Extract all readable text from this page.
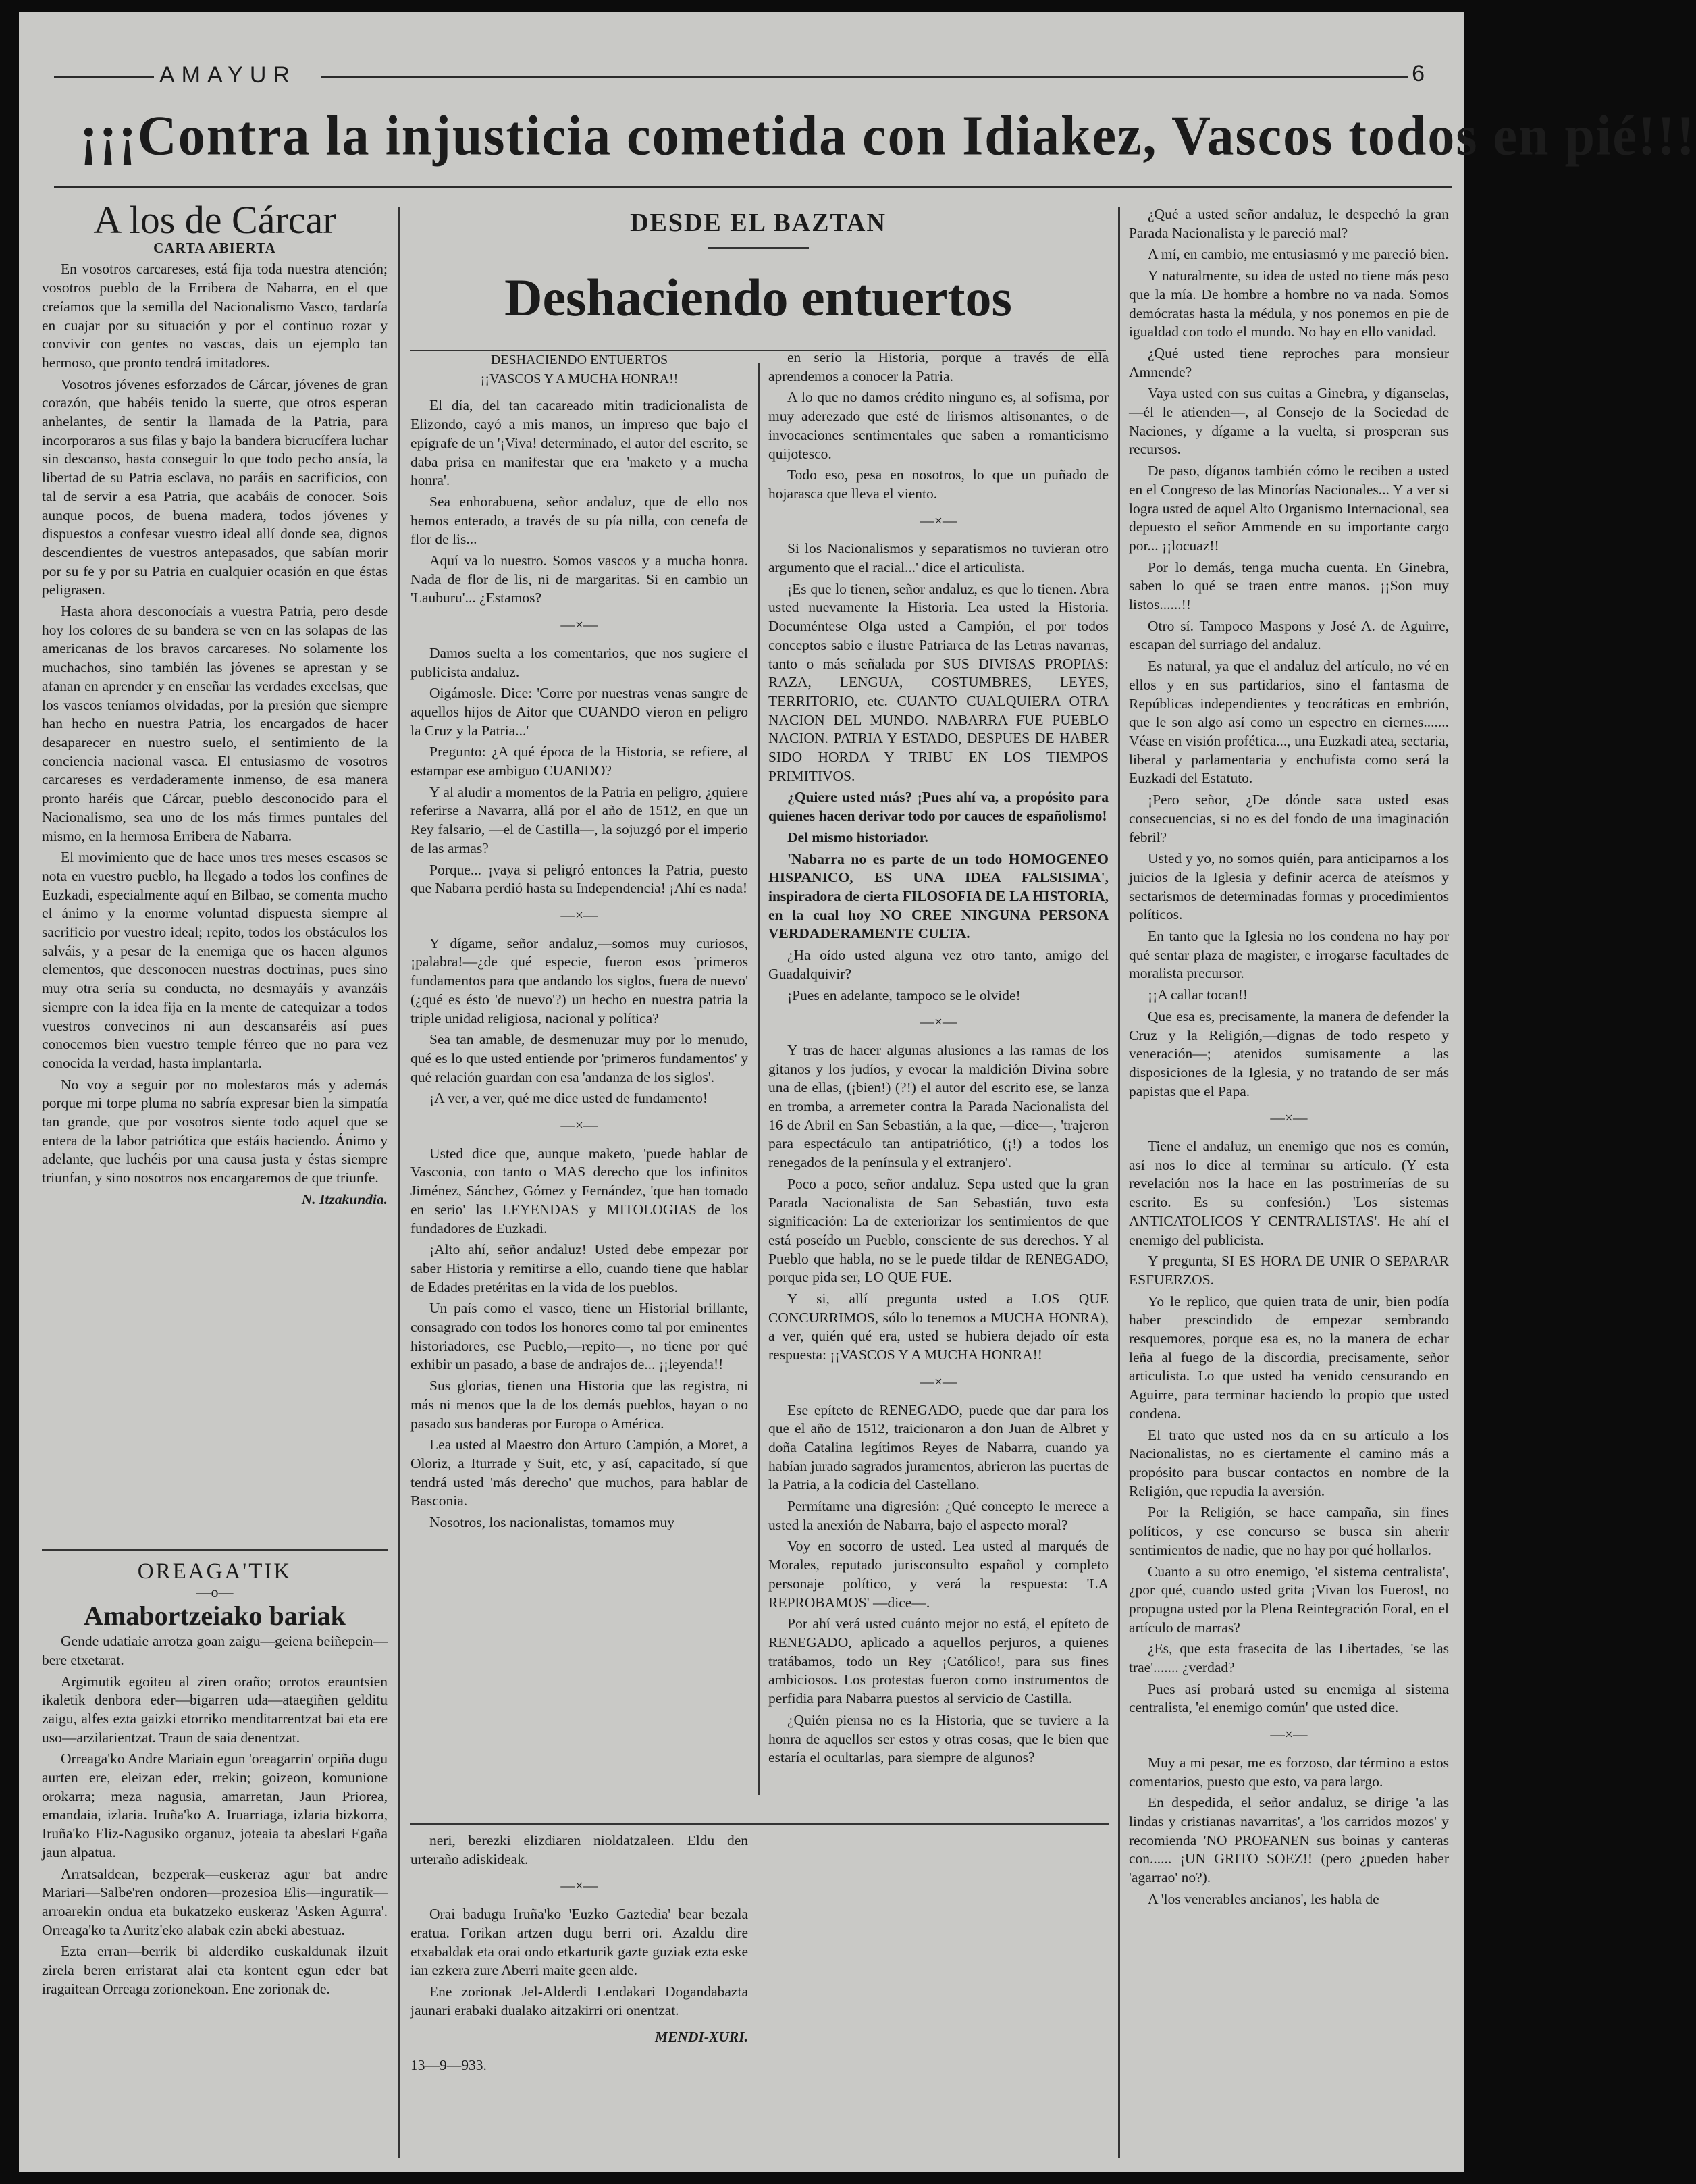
AMAYUR	6
¡¡¡Contra la injusticia cometida con Idiakez, Vascos todos en pié!!!
A los de Cárcar
CARTA ABIERTA

En vosotros carcareses, está fija toda nuestra atención; vosotros pueblo de la Erribera de Nabarra, en el que creíamos que la semilla del Nacionalismo Vasco, tardaría en cuajar por su situación y por el continuo rozar y convivir con gentes no vascas, dais un ejemplo tan hermoso, que pronto tendrá imitadores.

Vosotros jóvenes esforzados de Cárcar, jóvenes de gran corazón, que habéis tenido la suerte, que otros esperan anhelantes, de sentir la llamada de la Patria, para incorporaros a sus filas y bajo la bandera bicrucífera luchar sin descanso, hasta conseguir lo que todo pecho ansía, la libertad de su Patria esclava, no paráis en sacrificios, con tal de servir a esa Patria, que acabáis de conocer. Sois aunque pocos, de buena madera, todos jóvenes y dispuestos a confesar vuestro ideal allí donde sea, dignos descendientes de vuestros antepasados, que sabían morir por su fe y por su Patria en cualquier ocasión en que éstas peligrasen.

Hasta ahora desconocíais a vuestra Patria, pero desde hoy los colores de su bandera se ven en las solapas de las americanas de los bravos carcareses. No solamente los muchachos, sino también las jóvenes se aprestan y se afanan en aprender y en enseñar las verdades excelsas, que los vascos teníamos olvidadas, por la presión que siempre han hecho en nuestra Patria, los encargados de hacer desaparecer en nuestro suelo, el sentimiento de la conciencia nacional vasca. El entusiasmo de vosotros carcareses es verdaderamente inmenso, de esa manera pronto haréis que Cárcar, pueblo desconocido para el Nacionalismo, sea uno de los más firmes puntales del mismo, en la hermosa Erribera de Nabarra.

El movimiento que de hace unos tres meses escasos se nota en vuestro pueblo, ha llegado a todos los confines de Euzkadi, especialmente aquí en Bilbao, se comenta mucho el ánimo y la enorme voluntad dispuesta siempre al sacrificio por vuestro ideal; repito, todos los obstáculos los salváis, y a pesar de la enemiga que os hacen algunos elementos, que desconocen nuestras doctrinas, pues sino muy otra sería su conducta, no desmayáis y avanzáis siempre con la idea fija en la mente de catequizar a todos vuestros convecinos ni aun descansaréis así pues conocemos bien vuestro temple férreo que no para vez conocida la verdad, hasta implantarla.

No voy a seguir por no molestaros más y además porque mi torpe pluma no sabría expresar bien la simpatía tan grande, que por vosotros siente todo aquel que se entera de la labor patriótica que estáis haciendo. Ánimo y adelante, que luchéis por una causa justa y éstas siempre triunfan, y sino nosotros nos encargaremos de que triunfe.

N. Itzakundia.
OREAGA'TIK
—o—
Amabortzeiako bariak

Gende udatiaie arrotza goan zaigu—geiena beiñepein—bere etxetarat.

Argimutik egoiteu al ziren oraño; orrotos erauntsien ikaletik denbora eder—bigarren uda—ataegiñen gelditu zaigu, alfes ezta gaizki etorriko menditarrentzat bai eta ere uso—arzilarientzat. Traun de saia denentzat.

Orreaga'ko Andre Mariain egun 'oreagarrin' orpiña dugu aurten ere, eleizan eder, rrekin; goizeon, komunione orokarra; meza nagusia, amarretan, Jaun Priorea, emandaia, izlaria. Iruña'ko A. Iruarriaga, izlaria bizkorra, Iruña'ko Eliz-Nagusiko organuz, joteaia ta abeslari Egaña jaun alpatua.

Arratsaldean, bezperak—euskeraz agur bat andre Mariari—Salbe'ren ondoren—prozesioa Elis—inguratik—arroarekin ondua eta bukatzeko euskeraz 'Asken Agurra'. Orreaga'ko ta Auritz'eko alabak ezin abeki abestuaz.

Ezta erran—berrik bi alderdiko euskaldunak ilzuit zirela beren erristarat alai eta kontent egun eder bat iragaitean Orreaga zorionekoan. Ene zorionak de.

DESDE EL BAZTAN
Deshaciendo entuertos
DESHACIENDO ENTUERTOS
¡¡VASCOS Y A MUCHA HONRA!!

El día, del tan cacareado mitin tradicionalista de Elizondo, cayó a mis manos, un impreso que bajo el epígrafe de un '¡Viva! determinado, el autor del escrito, se daba prisa en manifestar que era 'maketo y a mucha honra'.

Sea enhorabuena, señor andaluz, que de ello nos hemos enterado, a través de su pía nilla, con cenefa de flor de lis...

Aquí va lo nuestro. Somos vascos y a mucha honra. Nada de flor de lis, ni de margaritas. Si en cambio un 'Lauburu'... ¿Estamos?

—×—

Damos suelta a los comentarios, que nos sugiere el publicista andaluz.

Oigámosle. Dice: 'Corre por nuestras venas sangre de aquellos hijos de Aitor que CUANDO vieron en peligro la Cruz y la Patria...'

Pregunto: ¿A qué época de la Historia, se refiere, al estampar ese ambiguo CUANDO?

Y al aludir a momentos de la Patria en peligro, ¿quiere referirse a Navarra, allá por el año de 1512, en que un Rey falsario, —el de Castilla—, la sojuzgó por el imperio de las armas?

Porque... ¡vaya si peligró entonces la Patria, puesto que Nabarra perdió hasta su Independencia! ¡Ahí es nada!

—×—

Y dígame, señor andaluz,—somos muy curiosos, ¡palabra!—¿de qué especie, fueron esos 'primeros fundamentos para que andando los siglos, fuera de nuevo' (¿qué es ésto 'de nuevo'?) un hecho en nuestra patria la triple unidad religiosa, nacional y política?

Sea tan amable, de desmenuzar muy por lo menudo, qué es lo que usted entiende por 'primeros fundamentos' y qué relación guardan con esa 'andanza de los siglos'.

¡A ver, a ver, qué me dice usted de fundamento!

—×—

Usted dice que, aunque maketo, 'puede hablar de Vasconia, con tanto o MAS derecho que los infinitos Jiménez, Sánchez, Gómez y Fernández, 'que han tomado en serio' las LEYENDAS y MITOLOGIAS de los fundadores de Euzkadi.

¡Alto ahí, señor andaluz! Usted debe empezar por saber Historia y remitirse a ello, cuando tiene que hablar de Edades pretéritas en la vida de los pueblos.

Un país como el vasco, tiene un Historial brillante, consagrado con todos los honores como tal por eminentes historiadores, ese Pueblo,—repito—, no tiene por qué exhibir un pasado, a base de andrajos de... ¡¡leyenda!!

Sus glorias, tienen una Historia que las registra, ni más ni menos que la de los demás pueblos, hayan o no pasado sus banderas por Europa o América.

Lea usted al Maestro don Arturo Campión, a Moret, a Oloriz, a Iturrade y Suit, etc, y así, capacitado, sí que tendrá usted 'más derecho' que muchos, para hablar de Basconia.

Nosotros, los nacionalistas, tomamos muy

en serio la Historia, porque a través de ella aprendemos a conocer la Patria.

A lo que no damos crédito ninguno es, al sofisma, por muy aderezado que esté de lirismos altisonantes, o de invocaciones sentimentales que saben a romanticismo quijotesco.

Todo eso, pesa en nosotros, lo que un puñado de hojarasca que lleva el viento.

—×—

Si los Nacionalismos y separatismos no tuvieran otro argumento que el racial...' dice el articulista.

¡Es que lo tienen, señor andaluz, es que lo tienen. Abra usted nuevamente la Historia. Lea usted la Historia. Documéntese Olga usted a Campión, el por todos conceptos sabio e ilustre Patriarca de las Letras navarras, tanto o más señalada por SUS DIVISAS PROPIAS: RAZA, LENGUA, COSTUMBRES, LEYES, TERRITORIO, etc. CUANTO CUALQUIERA OTRA NACION DEL MUNDO. NABARRA FUE PUEBLO NACION. PATRIA Y ESTADO, DESPUES DE HABER SIDO HORDA Y TRIBU EN LOS TIEMPOS PRIMITIVOS.

¿Quiere usted más? ¡Pues ahí va, a propósito para quienes hacen derivar todo por cauces de españolismo!

Del mismo historiador.

'Nabarra no es parte de un todo HOMOGENEO HISPANICO, ES UNA IDEA FALSISIMA', inspiradora de cierta FILOSOFIA DE LA HISTORIA, en la cual hoy NO CREE NINGUNA PERSONA VERDADERAMENTE CULTA.

¿Ha oído usted alguna vez otro tanto, amigo del Guadalquivir?

¡Pues en adelante, tampoco se le olvide!

—×—

Y tras de hacer algunas alusiones a las ramas de los gitanos y los judíos, y evocar la maldición Divina sobre una de ellas, (¡bien!) (?!) el autor del escrito ese, se lanza en tromba, a arremeter contra la Parada Nacionalista del 16 de Abril en San Sebastián, a la que, —dice—, 'trajeron para espectáculo tan antipatriótico, (¡!) a todos los renegados de la península y el extranjero'.

Poco a poco, señor andaluz. Sepa usted que la gran Parada Nacionalista de San Sebastián, tuvo esta significación: La de exteriorizar los sentimientos de que está poseído un Pueblo, consciente de sus derechos. Y al Pueblo que habla, no se le puede tildar de RENEGADO, porque pida ser, LO QUE FUE.

Y si, allí pregunta usted a LOS QUE CONCURRIMOS, sólo lo tenemos a MUCHA HONRA), a ver, quién qué era, usted se hubiera dejado oír esta respuesta: ¡¡VASCOS Y A MUCHA HONRA!!

—×—

Ese epíteto de RENEGADO, puede que dar para los que el año de 1512, traicionaron a don Juan de Albret y doña Catalina legítimos Reyes de Nabarra, cuando ya habían jurado sagrados juramentos, abrieron las puertas de la Patria, a la codicia del Castellano.

Permítame una digresión: ¿Qué concepto le merece a usted la anexión de Nabarra, bajo el aspecto moral?

Voy en socorro de usted. Lea usted al marqués de Morales, reputado jurisconsulto español y completo personaje político, y verá la respuesta: 'LA REPROBAMOS' —dice—.

Por ahí verá usted cuánto mejor no está, el epíteto de RENEGADO, aplicado a aquellos perjuros, a quienes tratábamos, todo un Rey ¡Católico!, para sus fines ambiciosos. Los protestas fueron como instrumentos de perfidia para Nabarra puestos al servicio de Castilla.

¿Quién piensa no es la Historia, que se tuviere a la honra de aquellos ser estos y otras cosas, que le bien que estaría el ocultarlas, para siempre de algunos?

neri, berezki elizdiaren nioldatzaleen. Eldu den urteraño adiskideak.

—×—

Orai badugu Iruña'ko 'Euzko Gaztedia' bear bezala eratua. Forikan artzen dugu berri ori. Azaldu dire etxabaldak eta orai ondo etkarturik gazte guziak ezta eske ian ezkera zure Aberri maite geen alde.

Ene zorionak Jel-Alderdi Lendakari Dogandabazta jaunari erabaki dualako aitzakirri ori onentzat.

MENDI-XURI.
13—9—933.

¿Qué a usted señor andaluz, le despechó la gran Parada Nacionalista y le pareció mal?

A mí, en cambio, me entusiasmó y me pareció bien.

Y naturalmente, su idea de usted no tiene más peso que la mía. De hombre a hombre no va nada. Somos demócratas hasta la médula, y nos ponemos en pie de igualdad con todo el mundo. No hay en ello vanidad.

¿Qué usted tiene reproches para monsieur Amnende?

Vaya usted con sus cuitas a Ginebra, y díganselas,—él le atienden—, al Consejo de la Sociedad de Naciones, y dígame a la vuelta, si prosperan sus recursos.

De paso, díganos también cómo le reciben a usted en el Congreso de las Minorías Nacionales... Y a ver si logra usted de aquel Alto Organismo Internacional, sea depuesto el señor Ammende en su importante cargo por... ¡¡locuaz!!

Por lo demás, tenga mucha cuenta. En Ginebra, saben lo qué se traen entre manos. ¡¡Son muy listos......!!

Otro sí. Tampoco Maspons y José A. de Aguirre, escapan del surriago del andaluz.

Es natural, ya que el andaluz del artículo, no vé en ellos y en sus partidarios, sino el fantasma de Repúblicas independientes y teocráticas en embrión, que le son algo así como un espectro en ciernes....... Véase en visión profética..., una Euzkadi atea, sectaria, liberal y parlamentaria y enchufista como será la Euzkadi del Estatuto.

¡Pero señor, ¿De dónde saca usted esas consecuencias, si no es del fondo de una imaginación febril?

Usted y yo, no somos quién, para anticiparnos a los juicios de la Iglesia y definir acerca de ateísmos y sectarismos de determinadas formas y procedimientos políticos.

En tanto que la Iglesia no los condena no hay por qué sentar plaza de magister, e irrogarse facultades de moralista precursor.

¡¡A callar tocan!!

Que esa es, precisamente, la manera de defender la Cruz y la Religión,—dignas de todo respeto y veneración—; atenidos sumisamente a las disposiciones de la Iglesia, y no tratando de ser más papistas que el Papa.

—×—

Tiene el andaluz, un enemigo que nos es común, así nos lo dice al terminar su artículo. (Y esta revelación nos la hace en las postrimerías de su escrito. Es su confesión.) 'Los sistemas ANTICATOLICOS Y CENTRALISTAS'. He ahí el enemigo del publicista.

Y pregunta, SI ES HORA DE UNIR O SEPARAR ESFUERZOS.

Yo le replico, que quien trata de unir, bien podía haber prescindido de empezar sembrando resquemores, porque esa es, no la manera de echar leña al fuego de la discordia, precisamente, señor articulista. Lo que usted ha venido censurando en Aguirre, para terminar haciendo lo propio que usted condena.

El trato que usted nos da en su artículo a los Nacionalistas, no es ciertamente el camino más a propósito para buscar contactos en nombre de la Religión, que repudia la aversión.

Por la Religión, se hace campaña, sin fines políticos, y ese concurso se busca sin aherir sentimientos de nadie, que no hay por qué hollarlos.

Cuanto a su otro enemigo, 'el sistema centralista', ¿por qué, cuando usted grita ¡Vivan los Fueros!, no propugna usted por la Plena Reintegración Foral, en el artículo de marras?

¿Es, que esta frasecita de las Libertades, 'se las trae'....... ¿verdad?

Pues así probará usted su enemiga al sistema centralista, 'el enemigo común' que usted dice.

—×—

Muy a mi pesar, me es forzoso, dar término a estos comentarios, puesto que esto, va para largo.

En despedida, el señor andaluz, se dirige 'a las lindas y cristianas navarritas', a 'los carridos mozos' y recomienda 'NO PROFANEN sus boinas y canteras con...... ¡UN GRITO SOEZ!! (pero ¿pueden haber 'agarrao' no?).

A 'los venerables ancianos', les habla de
